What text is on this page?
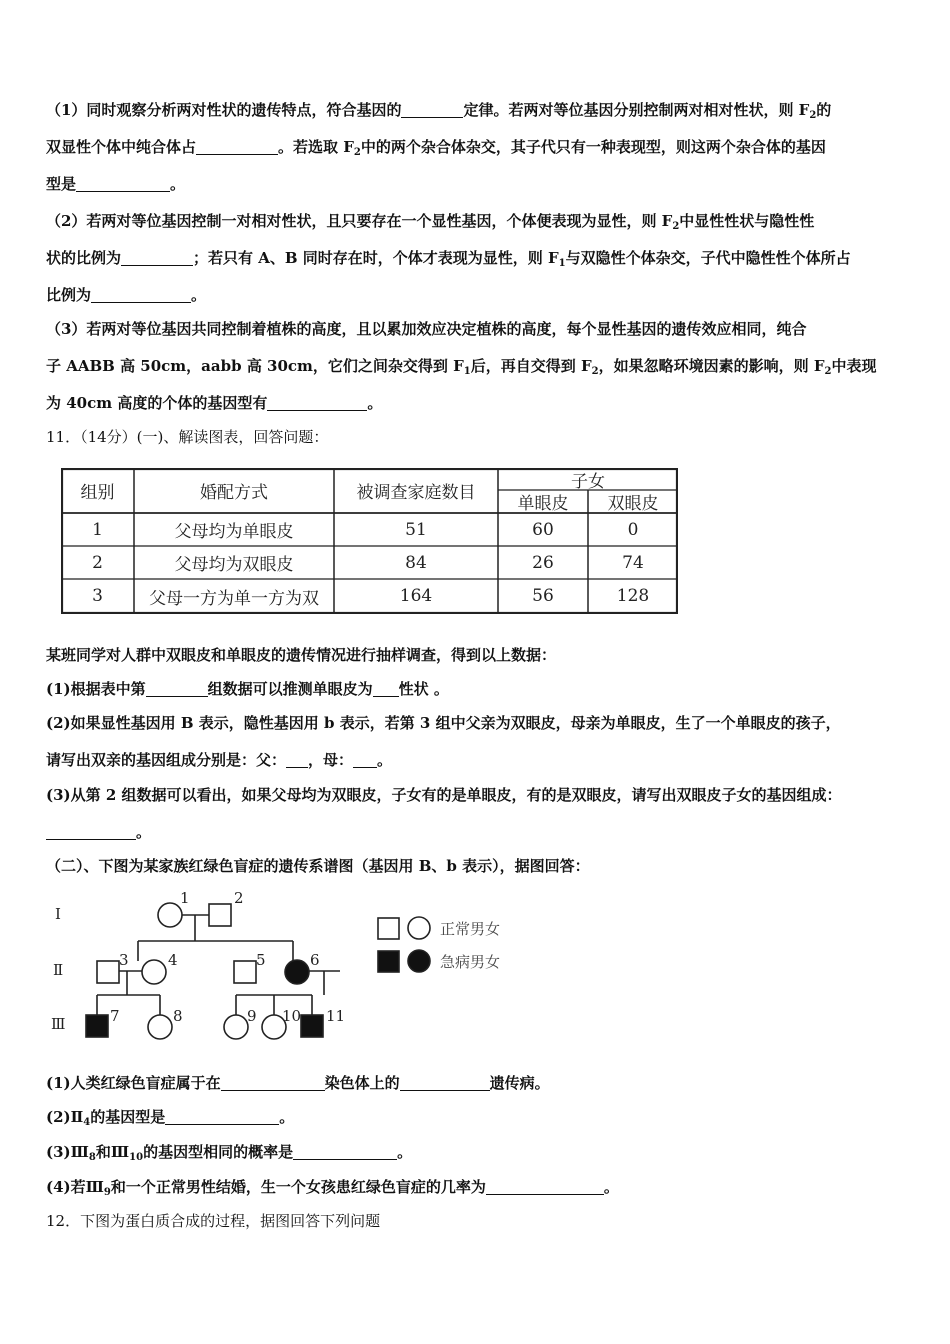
（1）同时观察分析两对性状的遗传特点，符合基因的	定律。若两对等位基因分别控制两对相对性状，则 $F_2$的
双显性个体中纯合体占	。若选取 $F_2$中的两个杂合体杂交，其子代只有一种表现型，则这两个杂合体的基因
型是	。

（2）若两对等位基因控制一对相对性状，且只要存在一个显性基因，个体便表现为显性，则 $F_2$中显性性状与隐性性
状的比例为	；若只有 A、B 同时存在时，个体才表现为显性，则 $F_1$与双隐性个体杂交，子代中隐性性个体所占
比例为	。

（3）若两对等位基因共同控制着植株的高度，且以累加效应决定植株的高度，每个显性基因的遗传效应相同，纯合
子 AABB 高 50cm，aabb 高 30cm，它们之间杂交得到 $F_1$后，再自交得到 $F_2$，如果忽略环境因素的影响，则 $F_2$中表现
为 40cm 高度的个体的基因型有	。

11．（14分）(一)、解读图表，回答问题：

组别	婚配方式	被调查家庭数目
子女
单眼皮	双眼皮
1	父母均为单眼皮	51	60	0
2	父母均为双眼皮	84	26	74
3	父母一方为单一方为双	164	56	128

某班同学对人群中双眼皮和单眼皮的遗传情况进行抽样调查，得到以上数据：

(1)根据表中第	组数据可以推测单眼皮为 性状 。

(2)如果显性基因用 B 表示，隐性基因用 b 表示，若第 3 组中父亲为双眼皮，母亲为单眼皮，生了一个单眼皮的孩子，
请写出双亲的基因组成分别是：父： ，母： 。

(3)从第 2 组数据可以看出，如果父母均为双眼皮，子女有的是单眼皮，有的是双眼皮，请写出双眼皮子女的基因组成：
。

（二）、下图为某家族红绿色盲症的遗传系谱图（基因用 B、b 表示），据图回答：

Ⅰ
Ⅱ
Ⅲ
1	2
3	4	5	6
7	8	9 10 11
正常男女
急病男女

(1)人类红绿色盲症属于在	染色体上的	遗传病。

$(2)Ⅱ_4$的基因型是	。

$(3)Ⅲ_8$和$Ⅲ_{10}$的基因型相同的概率是	。

(4)若$Ⅲ_9$和一个正常男性结婚，生一个女孩患红绿色盲症的几率为	。

12．下图为蛋白质合成的过程，据图回答下列问题
